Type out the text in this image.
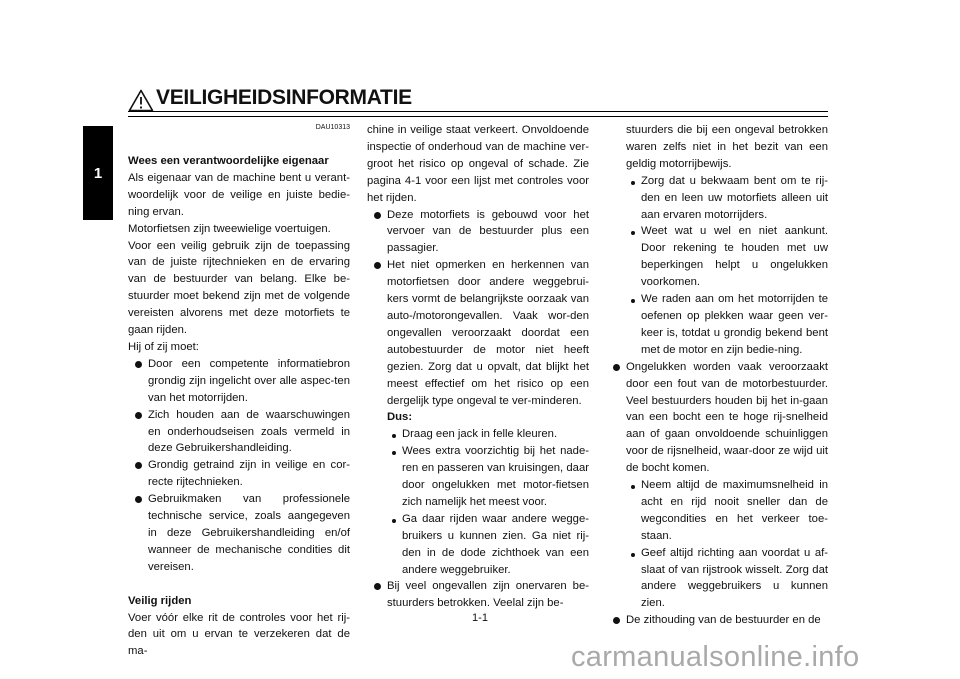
1
VEILIGHEIDSINFORMATIE
DAU10313
Wees een verantwoordelijke eigenaar

Als eigenaar van de machine bent u verant-woordelijk voor de veilige en juiste bedie-ning ervan.

Motorfietsen zijn tweewielige voertuigen.

Voor een veilig gebruik zijn de toepassing van de juiste rijtechnieken en de ervaring van de bestuurder van belang. Elke be-stuurder moet bekend zijn met de volgende vereisten alvorens met deze motorfiets te gaan rijden.

Hij of zij moet:

Door een competente informatiebron grondig zijn ingelicht over alle aspec-ten van het motorrijden.
Zich houden aan de waarschuwingen en onderhoudseisen zoals vermeld in deze Gebruikershandleiding.
Grondig getraind zijn in veilige en cor-recte rijtechnieken.
Gebruikmaken van professionele technische service, zoals aangegeven in deze Gebruikershandleiding en/of wanneer de mechanische condities dit vereisen.
Veilig rijden

Voer vóór elke rit de controles voor het rij-den uit om u ervan te verzekeren dat de ma-

chine in veilige staat verkeert. Onvoldoende inspectie of onderhoud van de machine ver-groot het risico op ongeval of schade. Zie pagina 4-1 voor een lijst met controles voor het rijden.

Deze motorfiets is gebouwd voor het vervoer van de bestuurder plus een passagier.
Het niet opmerken en herkennen van motorfietsen door andere weggebrui-kers vormt de belangrijkste oorzaak van auto-/motorongevallen. Vaak wor-den ongevallen veroorzaakt doordat een autobestuurder de motor niet heeft gezien. Zorg dat u opvalt, dat blijkt het meest effectief om het risico op een dergelijk type ongeval te ver-minderen.
Dus:
Draag een jack in felle kleuren.
Wees extra voorzichtig bij het nade-ren en passeren van kruisingen, daar door ongelukken met motor-fietsen zich namelijk het meest voor.
Ga daar rijden waar andere wegge-bruikers u kunnen zien. Ga niet rij-den in de dode zichthoek van een andere weggebruiker.
Bij veel ongevallen zijn onervaren be-stuurders betrokken. Veelal zijn be-
stuurders die bij een ongeval betrokken waren zelfs niet in het bezit van een geldig motorrijbewijs.
Zorg dat u bekwaam bent om te rij-den en leen uw motorfiets alleen uit aan ervaren motorrijders.
Weet wat u wel en niet aankunt. Door rekening te houden met uw beperkingen helpt u ongelukken voorkomen.
We raden aan om het motorrijden te oefenen op plekken waar geen ver-keer is, totdat u grondig bekend bent met de motor en zijn bedie-ning.
Ongelukken worden vaak veroorzaakt door een fout van de motorbestuurder. Veel bestuurders houden bij het in-gaan van een bocht een te hoge rij-snelheid aan of gaan onvoldoende schuinliggen voor de rijsnelheid, waar-door ze wijd uit de bocht komen.
Neem altijd de maximumsnelheid in acht en rijd nooit sneller dan de wegcondities en het verkeer toe-staan.
Geef altijd richting aan voordat u af-slaat of van rijstrook wisselt. Zorg dat andere weggebruikers u kunnen zien.
De zithouding van de bestuurder en de
1-1
carmanualsonline.info
